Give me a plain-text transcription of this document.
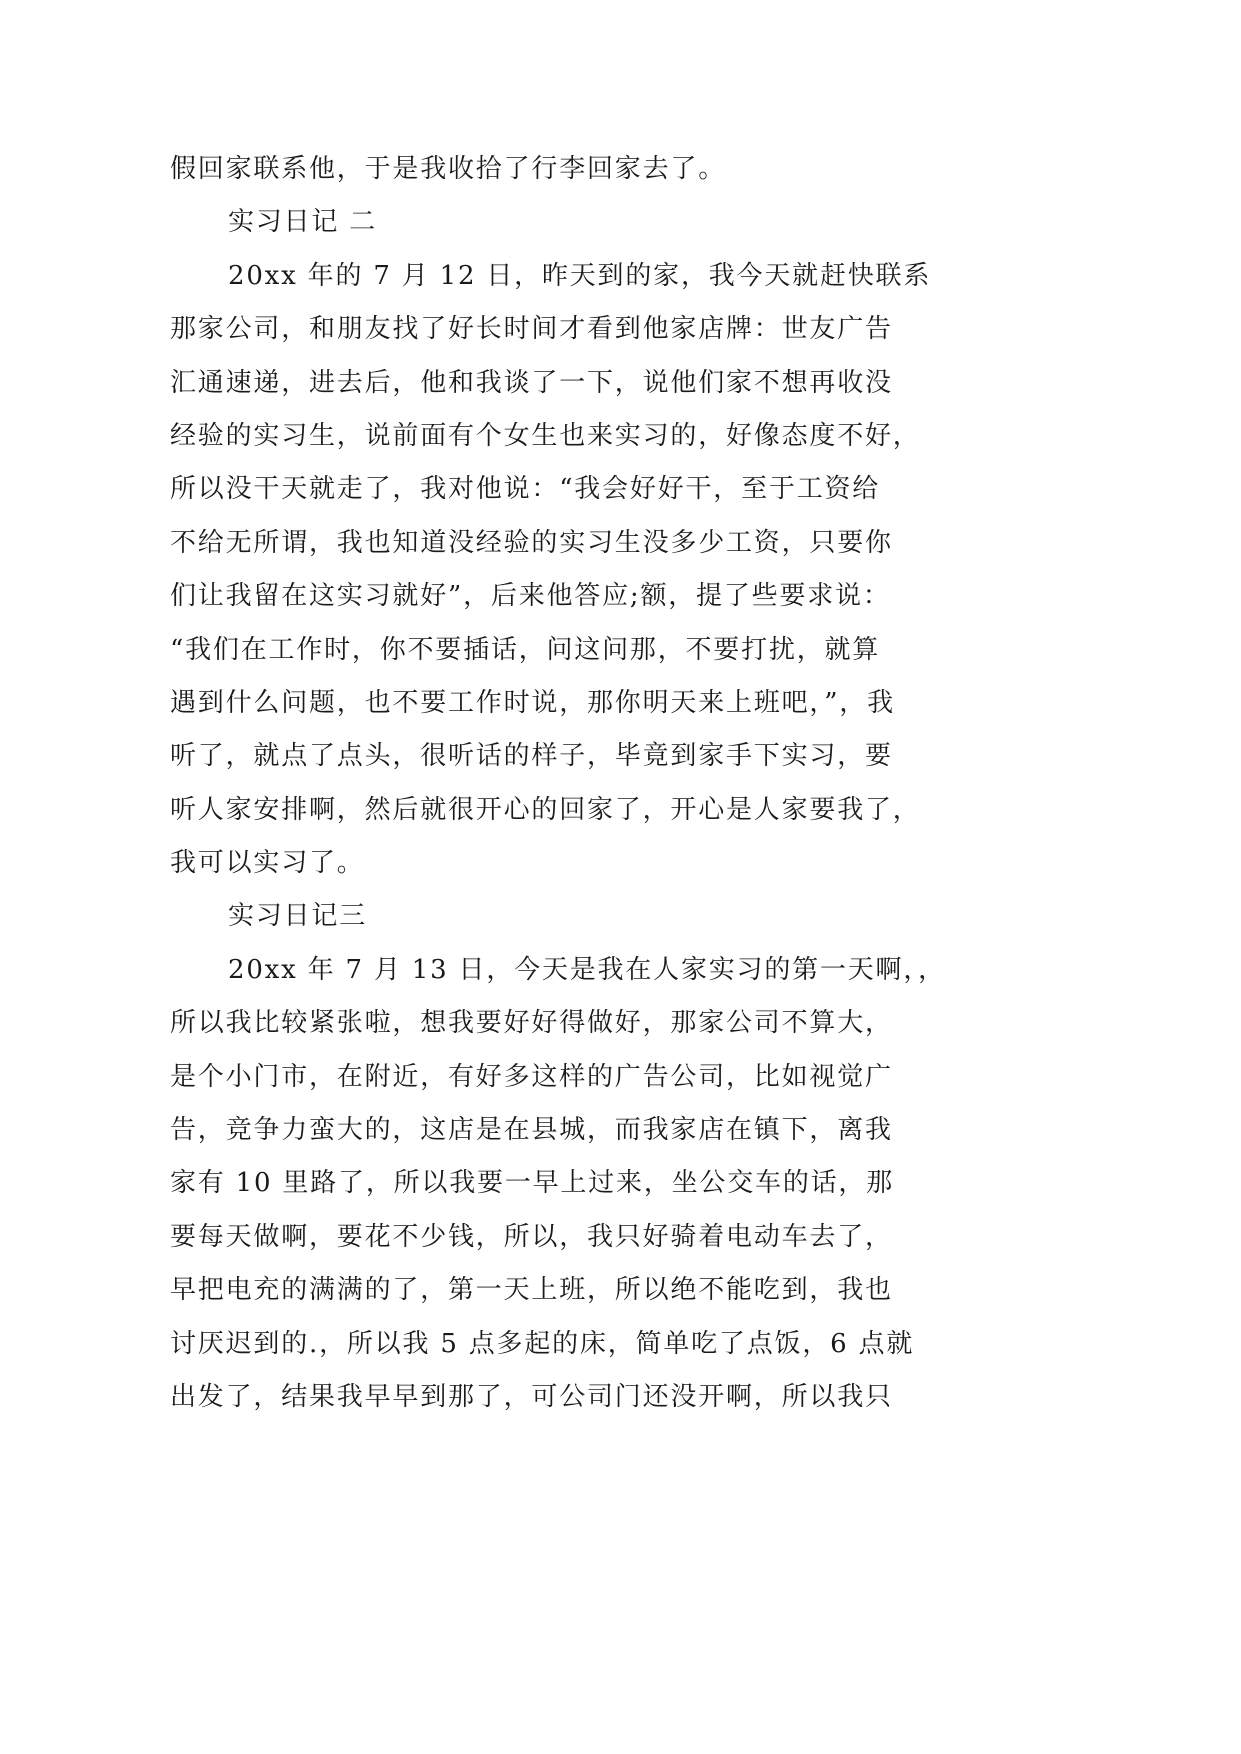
假回家联系他，于是我收拾了行李回家去了。
实习日记 二
20xx 年的 7 月 12 日，昨天到的家，我今天就赶快联系
那家公司，和朋友找了好长时间才看到他家店牌：世友广告
汇通速递，进去后，他和我谈了一下，说他们家不想再收没
经验的实习生，说前面有个女生也来实习的，好像态度不好，
所以没干天就走了，我对他说：“我会好好干，至于工资给
不给无所谓，我也知道没经验的实习生没多少工资，只要你
们让我留在这实习就好”，后来他答应;额，提了些要求说：
“我们在工作时，你不要插话，问这问那，不要打扰，就算
遇到什么问题，也不要工作时说，那你明天来上班吧，”，我
听了，就点了点头，很听话的样子，毕竟到家手下实习，要
听人家安排啊，然后就很开心的回家了，开心是人家要我了，
我可以实习了。
实习日记三
20xx 年 7 月 13 日，今天是我在人家实习的第一天啊，，
所以我比较紧张啦，想我要好好得做好，那家公司不算大，
是个小门市，在附近，有好多这样的广告公司，比如视觉广
告，竞争力蛮大的，这店是在县城，而我家店在镇下，离我
家有 10 里路了，所以我要一早上过来，坐公交车的话，那
要每天做啊，要花不少钱，所以，我只好骑着电动车去了，
早把电充的满满的了，第一天上班，所以绝不能吃到，我也
讨厌迟到的.，所以我 5 点多起的床，简单吃了点饭，6 点就
出发了，结果我早早到那了，可公司门还没开啊，所以我只
